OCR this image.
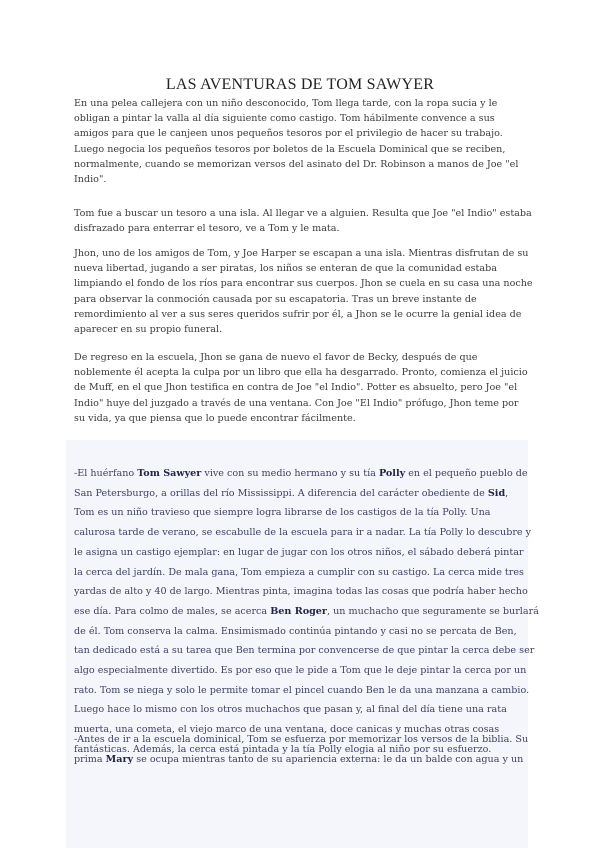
LAS AVENTURAS DE TOM SAWYER

En una pelea callejera con un niño desconocido, Tom llega tarde, con la ropa sucia y le
obligan a pintar la valla al día siguiente como castigo. Tom hábilmente convence a sus
amigos para que le canjeen unos pequeños tesoros por el privilegio de hacer su trabajo.
Luego negocia los pequeños tesoros por boletos de la Escuela Dominical que se reciben,
normalmente, cuando se memorizan versos del asinato del Dr. Robinson a manos de Joe "el
Indio".

Tom fue a buscar un tesoro a una isla. Al llegar ve a alguien. Resulta que Joe "el Indio" estaba
disfrazado para enterrar el tesoro, ve a Tom y le mata.

Jhon, uno de los amigos de Tom, y Joe Harper se escapan a una isla. Mientras disfrutan de su
nueva libertad, jugando a ser piratas, los niños se enteran de que la comunidad estaba
limpiando el fondo de los ríos para encontrar sus cuerpos. Jhon se cuela en su casa una noche
para observar la conmoción causada por su escapatoria. Tras un breve instante de
remordimiento al ver a sus seres queridos sufrir por él, a Jhon se le ocurre la genial idea de
aparecer en su propio funeral.

De regreso en la escuela, Jhon se gana de nuevo el favor de Becky, después de que
noblemente él acepta la culpa por un libro que ella ha desgarrado. Pronto, comienza el juicio
de Muff, en el que Jhon testifica en contra de Joe "el Indio". Potter es absuelto, pero Joe "el
Indio" huye del juzgado a través de una ventana. Con Joe "El Indio" prófugo, Jhon teme por
su vida, ya que piensa que lo puede encontrar fácilmente.

-El huérfano Tom Sawyer vive con su medio hermano y su tía Polly en el pequeño pueblo de
San Petersburgo, a orillas del río Mississippi. A diferencia del carácter obediente de Sid,
Tom es un niño travieso que siempre logra librarse de los castigos de la tía Polly. Una
calurosa tarde de verano, se escabulle de la escuela para ir a nadar. La tía Polly lo descubre y
le asigna un castigo ejemplar: en lugar de jugar con los otros niños, el sábado deberá pintar
la cerca del jardín. De mala gana, Tom empieza a cumplir con su castigo. La cerca mide tres
yardas de alto y 40 de largo. Mientras pinta, imagina todas las cosas que podría haber hecho
ese día. Para colmo de males, se acerca Ben Roger, un muchacho que seguramente se burlará
de él. Tom conserva la calma. Ensimismado continúa pintando y casi no se percata de Ben,
tan dedicado está a su tarea que Ben termina por convencerse de que pintar la cerca debe ser
algo especialmente divertido. Es por eso que le pide a Tom que le deje pintar la cerca por un
rato. Tom se niega y solo le permite tomar el pincel cuando Ben le da una manzana a cambio.
Luego hace lo mismo con los otros muchachos que pasan y, al final del día tiene una rata
muerta, una cometa, el viejo marco de una ventana, doce canicas y muchas otras cosas
fantásticas. Además, la cerca está pintada y la tía Polly elogia al niño por su esfuerzo.

-Antes de ir a la escuela dominical, Tom se esfuerza por memorizar los versos de la biblia. Su
prima Mary se ocupa mientras tanto de su apariencia externa: le da un balde con agua y un
